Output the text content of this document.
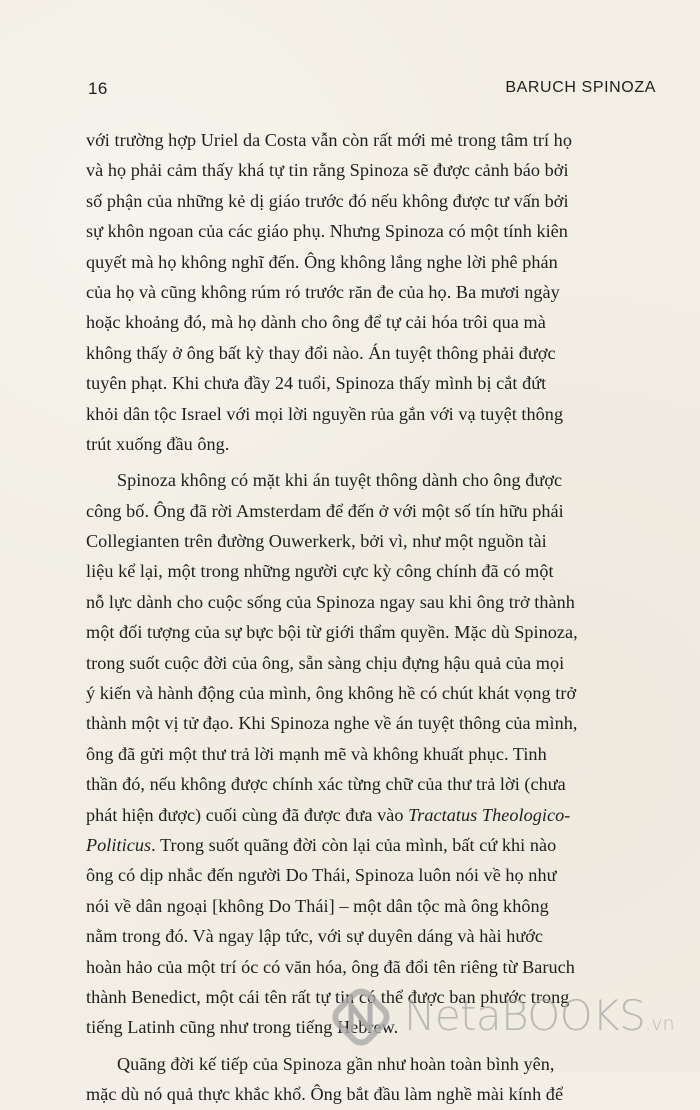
16	BARUCH SPINOZA
với trường hợp Uriel da Costa vẫn còn rất mới mẻ trong tâm trí họ
và họ phải cảm thấy khá tự tin rằng Spinoza sẽ được cảnh báo bởi
số phận của những kẻ dị giáo trước đó nếu không được tư vấn bởi
sự khôn ngoan của các giáo phụ. Nhưng Spinoza có một tính kiên
quyết mà họ không nghĩ đến. Ông không lắng nghe lời phê phán
của họ và cũng không rúm ró trước răn đe của họ. Ba mươi ngày
hoặc khoảng đó, mà họ dành cho ông để tự cải hóa trôi qua mà
không thấy ở ông bất kỳ thay đổi nào. Án tuyệt thông phải được
tuyên phạt. Khi chưa đầy 24 tuổi, Spinoza thấy mình bị cắt đứt
khỏi dân tộc Israel với mọi lời nguyền rủa gắn với vạ tuyệt thông
trút xuống đầu ông.
Spinoza không có mặt khi án tuyệt thông dành cho ông được
công bố. Ông đã rời Amsterdam để đến ở với một số tín hữu phái
Collegianten trên đường Ouwerkerk, bởi vì, như một nguồn tài
liệu kể lại, một trong những người cực kỳ công chính đã có một
nỗ lực dành cho cuộc sống của Spinoza ngay sau khi ông trở thành
một đối tượng của sự bực bội từ giới thẩm quyền. Mặc dù Spinoza,
trong suốt cuộc đời của ông, sẵn sàng chịu đựng hậu quả của mọi
ý kiến và hành động của mình, ông không hề có chút khát vọng trở
thành một vị tử đạo. Khi Spinoza nghe về án tuyệt thông của mình,
ông đã gửi một thư trả lời mạnh mẽ và không khuất phục. Tinh
thần đó, nếu không được chính xác từng chữ của thư trả lời (chưa
phát hiện được) cuối cùng đã được đưa vào Tractatus Theologico-
Politicus. Trong suốt quãng đời còn lại của mình, bất cứ khi nào
ông có dịp nhắc đến người Do Thái, Spinoza luôn nói về họ như
nói về dân ngoại [không Do Thái] – một dân tộc mà ông không
nằm trong đó. Và ngay lập tức, với sự duyên dáng và hài hước
hoàn hảo của một trí óc có văn hóa, ông đã đổi tên riêng từ Baruch
thành Benedict, một cái tên rất tự tin có thể được ban phước trong
tiếng Latinh cũng như trong tiếng Hebrew.
Quãng đời kế tiếp của Spinoza gần như hoàn toàn bình yên,
mặc dù nó quả thực khắc khổ. Ông bắt đầu làm nghề mài kính để
NetaBOOKS.vn
